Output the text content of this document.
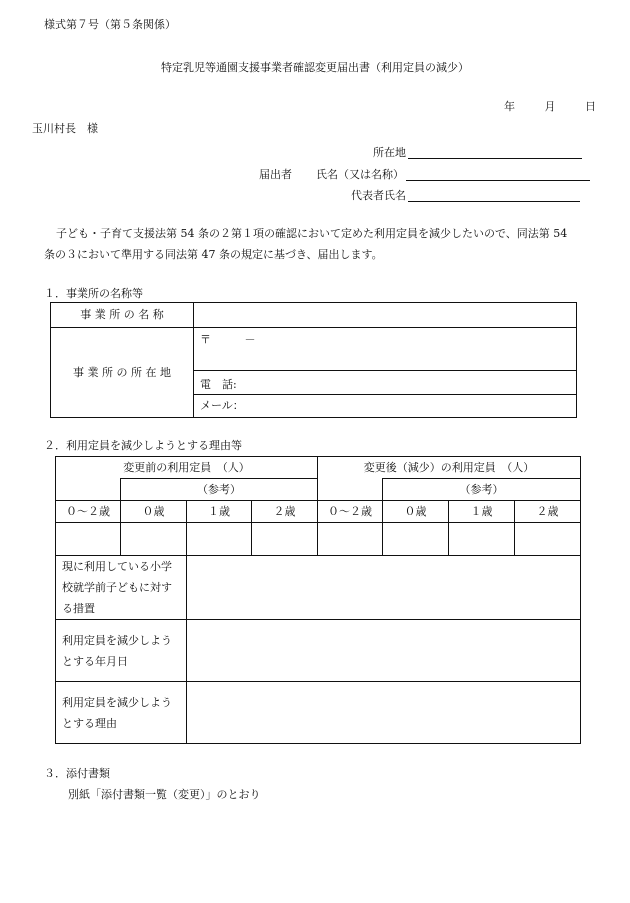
様式第７号（第５条関係）
特定乳児等通園支援事業者確認変更届出書（利用定員の減少）
年	月	日
玉川村長　様
所在地
届出者 氏名（又は名称）
代表者氏名
子ども・子育て支援法第 54 条の２第１項の確認において定めた利用定員を減少したいので、同法第 54
条の３において準用する同法第 47 条の規定に基づき、届出します。
１．事業所の名称等
事 業 所 の 名 称	
事 業 所 の 所 在 地	〒 －
	電　話:
	メール：
２．利用定員を減少しようとする理由等
変更前の利用定員　（人）				変更後（減少）の利用定員　（人）			
	（参考）				（参考）		
０～２歳	０歳	１歳	２歳	０～２歳	０歳	１歳	２歳

現に利用している小学校就学前子どもに対する措置							
利用定員を減少しようとする年月日							
利用定員を減少しようとする理由							
３．添付書類
別紙「添付書類一覧（変更）」のとおり
